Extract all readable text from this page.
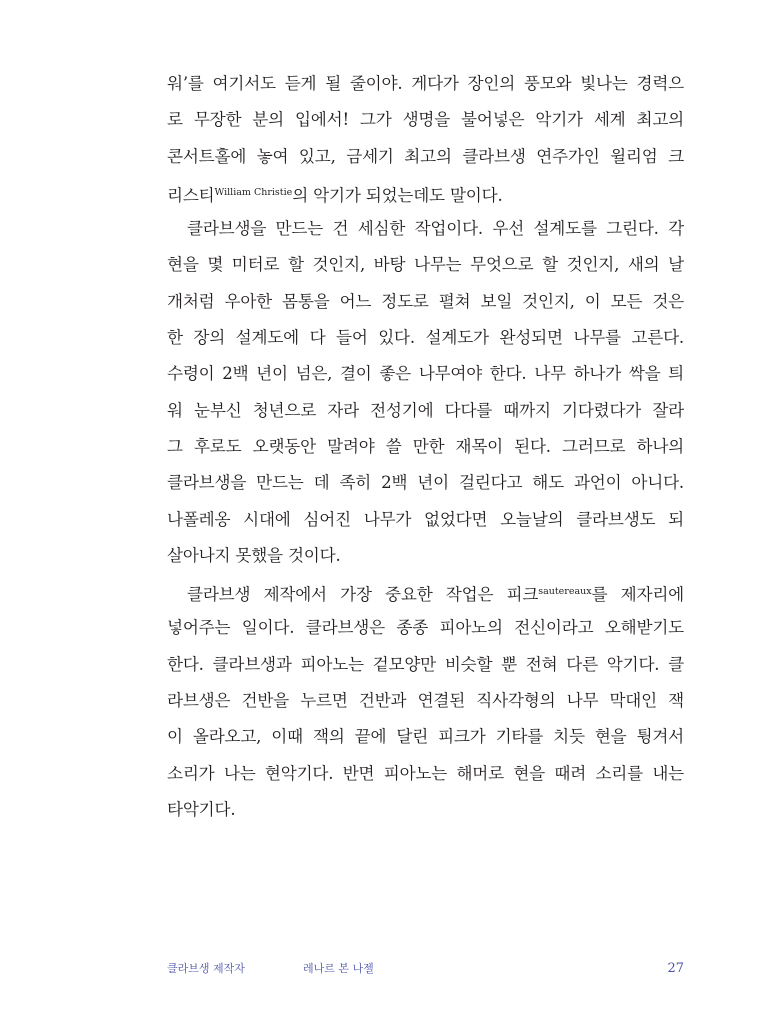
워’를 여기서도 듣게 될 줄이야. 게다가 장인의 풍모와 빛나는 경력으
로 무장한 분의 입에서! 그가 생명을 불어넣은 악기가 세계 최고의
콘서트홀에 놓여 있고, 금세기 최고의 클라브생 연주가인 윌리엄 크
리스티$^{William Christie}$의 악기가 되었는데도 말이다.
클라브생을 만드는 건 세심한 작업이다. 우선 설계도를 그린다. 각
현을 몇 미터로 할 것인지, 바탕 나무는 무엇으로 할 것인지, 새의 날
개처럼 우아한 몸통을 어느 정도로 펼쳐 보일 것인지, 이 모든 것은
한 장의 설계도에 다 들어 있다. 설계도가 완성되면 나무를 고른다.
수령이 2백 년이 넘은, 결이 좋은 나무여야 한다. 나무 하나가 싹을 틔
워 눈부신 청년으로 자라 전성기에 다다를 때까지 기다렸다가 잘라
그 후로도 오랫동안 말려야 쓸 만한 재목이 된다. 그러므로 하나의
클라브생을 만드는 데 족히 2백 년이 걸린다고 해도 과언이 아니다.
나폴레옹 시대에 심어진 나무가 없었다면 오늘날의 클라브생도 되
살아나지 못했을 것이다.
클라브생 제작에서 가장 중요한 작업은 피크$^{sautereaux}$를 제자리에
넣어주는 일이다. 클라브생은 종종 피아노의 전신이라고 오해받기도
한다. 클라브생과 피아노는 겉모양만 비슷할 뿐 전혀 다른 악기다. 클
라브생은 건반을 누르면 건반과 연결된 직사각형의 나무 막대인 잭
이 올라오고, 이때 잭의 끝에 달린 피크가 기타를 치듯 현을 튕겨서
소리가 나는 현악기다. 반면 피아노는 해머로 현을 때려 소리를 내는
타악기다.
클라브생 제작자	레나르 본 나젤	27
